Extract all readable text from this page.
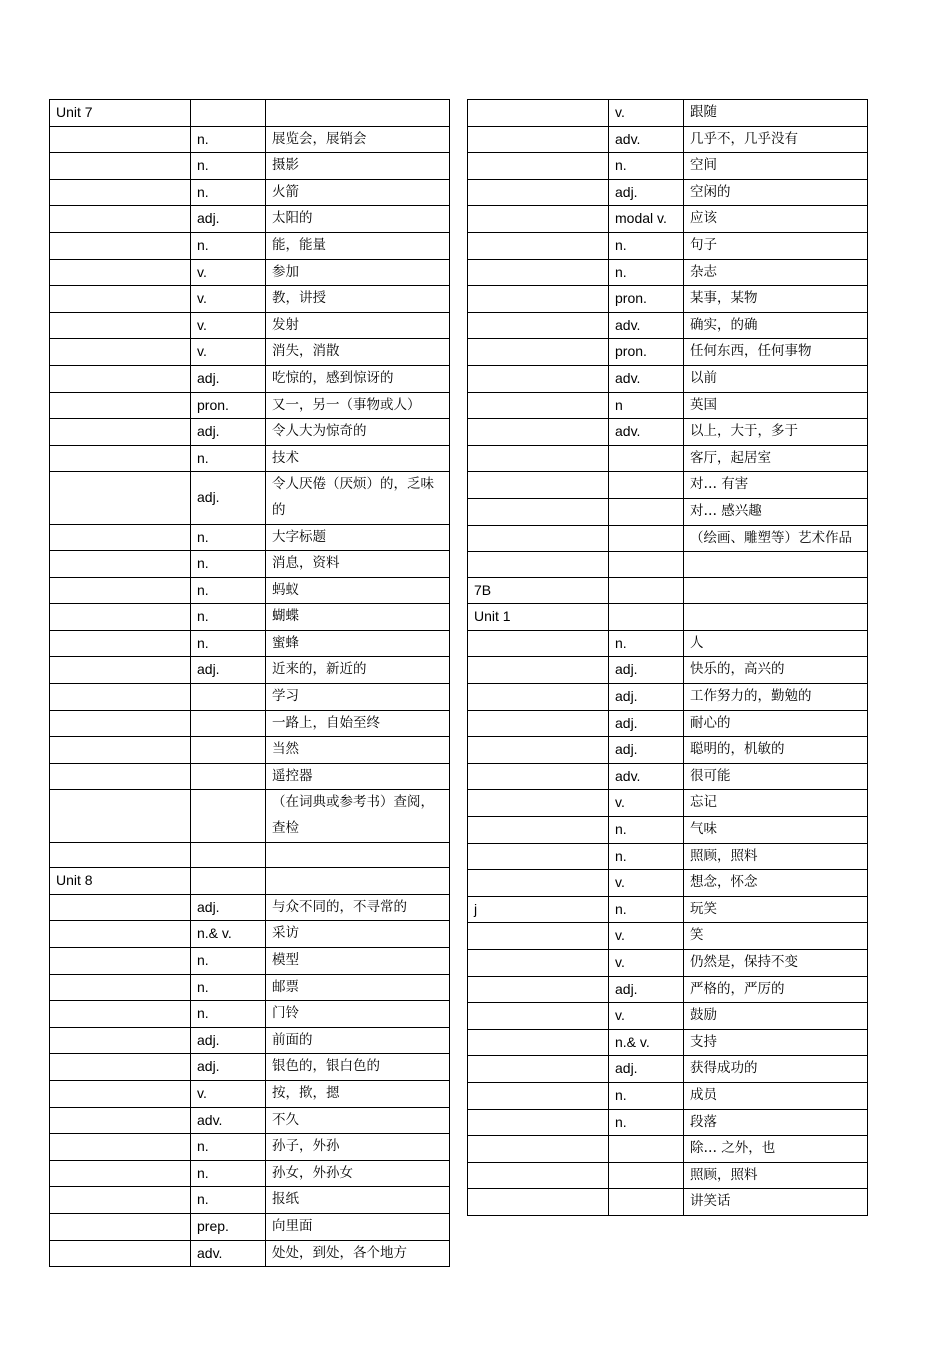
Unit 7		
	n.	展览会，展销会
	n.	摄影
	n.	火箭
	adj.	太阳的
	n.	能，能量
	v.	参加
	v.	教，讲授
	v.	发射
	v.	消失，消散
	adj.	吃惊的，感到惊讶的
	pron.	又一，另一（事物或人）
	adj.	令人大为惊奇的
	n.	技术
	adj.	令人厌倦（厌烦）的，乏味的
	n.	大字标题
	n.	消息，资料
	n.	蚂蚁
	n.	蝴蝶
	n.	蜜蜂
	adj.	近来的，新近的
		学习
		一路上，自始至终
		当然
		遥控器
		（在词典或参考书）查阅，查检

Unit 8		
	adj.	与众不同的，不寻常的
	n.& v.	采访
	n.	模型
	n.	邮票
	n.	门铃
	adj.	前面的
	adj.	银色的，银白色的
	v.	按，揿，摁
	adv.	不久
	n.	孙子，外孙
	n.	孙女，外孙女
	n.	报纸
	prep.	向里面
	adv.	处处，到处，各个地方
	v.	跟随
	adv.	几乎不，几乎没有
	n.	空间
	adj.	空闲的
	modal v.	应该
	n.	句子
	n.	杂志
	pron.	某事，某物
	adv.	确实，的确
	pron.	任何东西，任何事物
	adv.	以前
	n	英国
	adv.	以上，大于，多于
		客厅，起居室
		对… 有害
		对… 感兴趣
		（绘画、雕塑等）艺术作品

7B		
Unit 1		
	n.	人
	adj.	快乐的，高兴的
	adj.	工作努力的，勤勉的
	adj.	耐心的
	adj.	聪明的，机敏的
	adv.	很可能
	v.	忘记
	n.	气味
	n.	照顾，照料
	v.	想念，怀念
j	n.	玩笑
	v.	笑
	v.	仍然是，保持不变
	adj.	严格的，严厉的
	v.	鼓励
	n.& v.	支持
	adj.	获得成功的
	n.	成员
	n.	段落
		除… 之外，也
		照顾，照料
		讲笑话
